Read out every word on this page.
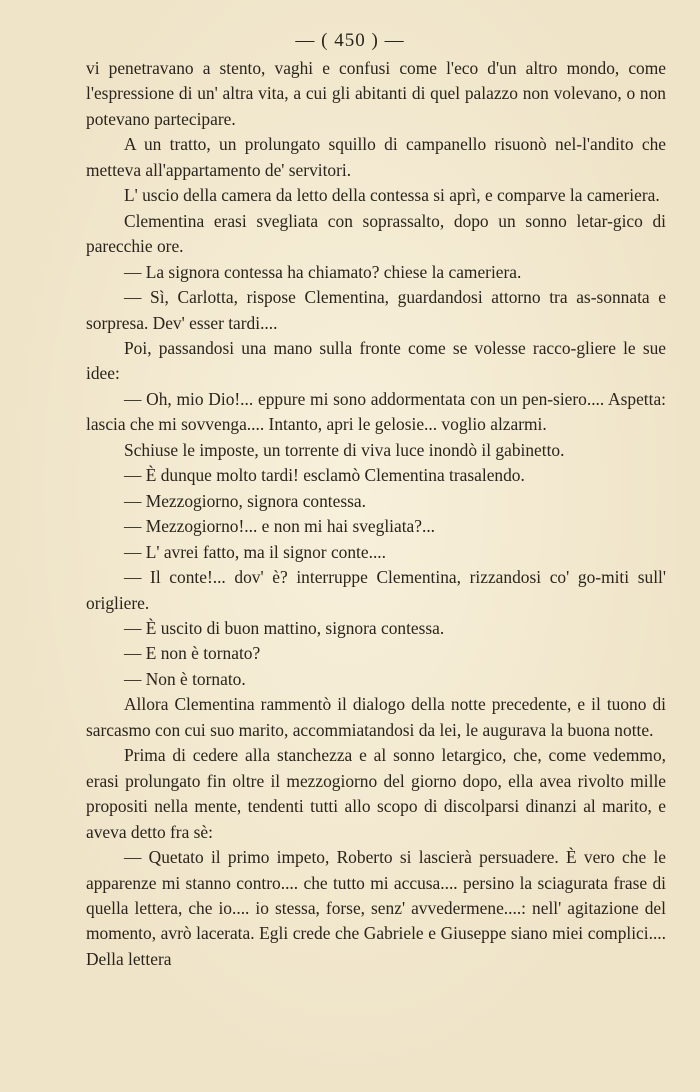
— ( 450 ) —

vi penetravano a stento, vaghi e confusi come l'eco d'un altro mondo, come l'espressione di un' altra vita, a cui gli abitanti di quel palazzo non volevano, o non potevano partecipare.

A un tratto, un prolungato squillo di campanello risuonò nel-l'andito che metteva all'appartamento de' servitori.

L' uscio della camera da letto della contessa si aprì, e comparve la cameriera.

Clementina erasi svegliata con soprassalto, dopo un sonno letar-gico di parecchie ore.

— La signora contessa ha chiamato? chiese la cameriera.

— Sì, Carlotta, rispose Clementina, guardandosi attorno tra as-sonnata e sorpresa. Dev' esser tardi....

Poi, passandosi una mano sulla fronte come se volesse racco-gliere le sue idee:

— Oh, mio Dio!... eppure mi sono addormentata con un pen-siero.... Aspetta: lascia che mi sovvenga.... Intanto, apri le gelosie... voglio alzarmi.

Schiuse le imposte, un torrente di viva luce inondò il gabinetto.

— È dunque molto tardi! esclamò Clementina trasalendo.

— Mezzogiorno, signora contessa.

— Mezzogiorno!... e non mi hai svegliata?...

— L' avrei fatto, ma il signor conte....

— Il conte!... dov' è? interruppe Clementina, rizzandosi co' go-miti sull' origliere.

— È uscito di buon mattino, signora contessa.

— E non è tornato?

— Non è tornato.

Allora Clementina rammentò il dialogo della notte precedente, e il tuono di sarcasmo con cui suo marito, accommiatandosi da lei, le augurava la buona notte.

Prima di cedere alla stanchezza e al sonno letargico, che, come vedemmo, erasi prolungato fin oltre il mezzogiorno del giorno dopo, ella avea rivolto mille propositi nella mente, tendenti tutti allo scopo di discolparsi dinanzi al marito, e aveva detto fra sè:

— Quetato il primo impeto, Roberto si lascierà persuadere. È vero che le apparenze mi stanno contro.... che tutto mi accusa.... persino la sciagurata frase di quella lettera, che io.... io stessa, forse, senz' avvedermene....: nell' agitazione del momento, avrò lacerata. Egli crede che Gabriele e Giuseppe siano miei complici.... Della lettera
